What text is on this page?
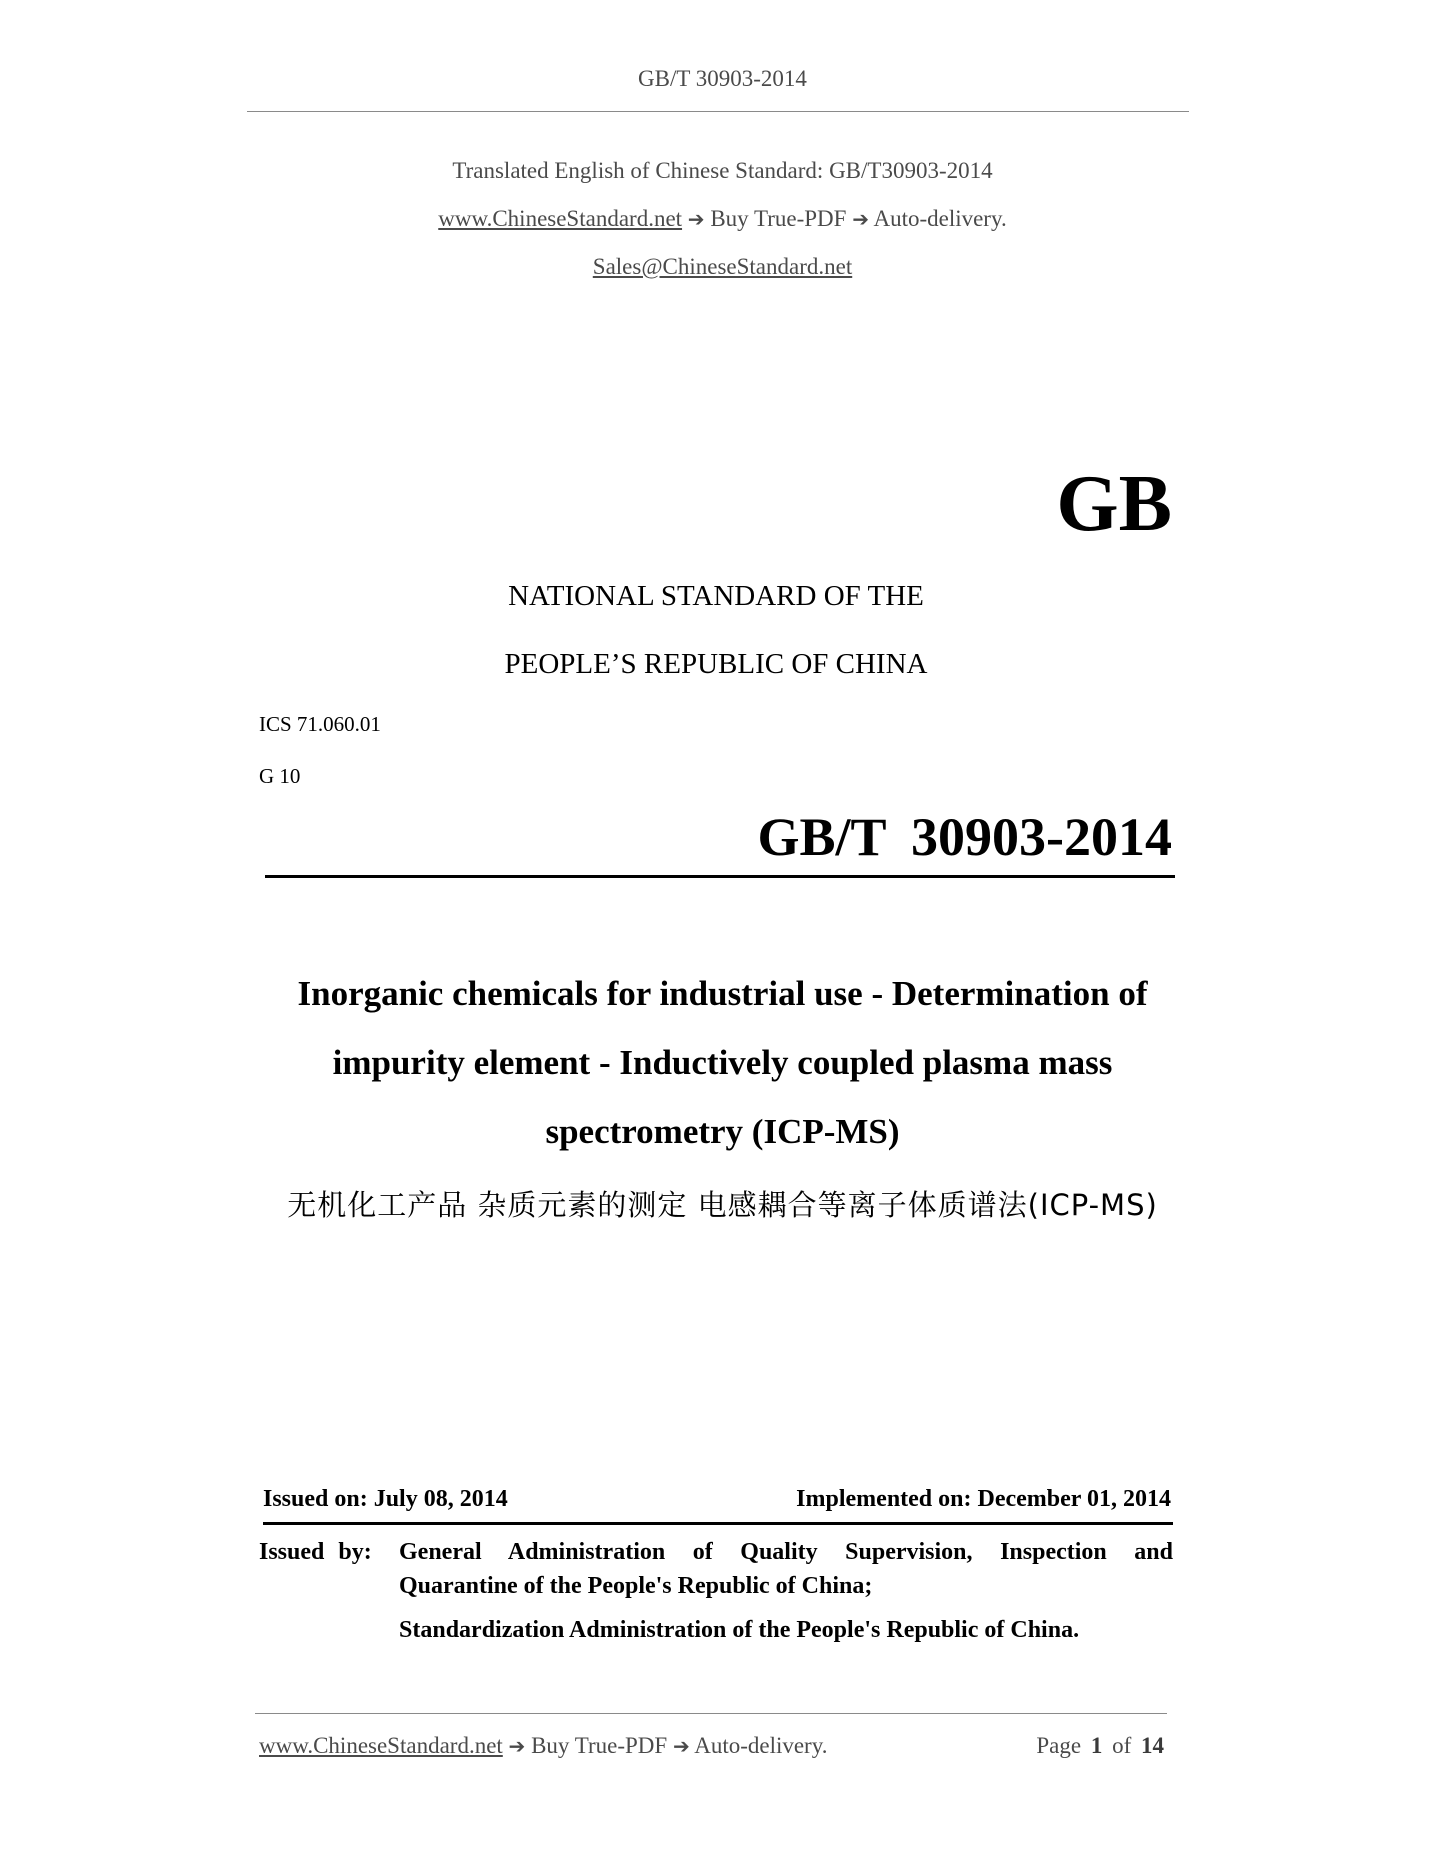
GB/T 30903-2014
Translated English of Chinese Standard: GB/T30903-2014
www.ChineseStandard.net ➔ Buy True-PDF ➔ Auto-delivery.
Sales@ChineseStandard.net
GB
NATIONAL STANDARD OF THE
PEOPLE’S REPUBLIC OF CHINA
ICS 71.060.01
G 10
GB/T 30903-2014
Inorganic chemicals for industrial use - Determination of
impurity element - Inductively coupled plasma mass
spectrometry (ICP-MS)
无机化工产品 杂质元素的测定 电感耦合等离子体质谱法(ICP-MS)
Issued on: July 08, 2014	Implemented on: December 01, 2014
Issued by: General Administration of Quality Supervision, Inspection and
Quarantine of the People's Republic of China;
Standardization Administration of the People's Republic of China.
www.ChineseStandard.net ➔ Buy True-PDF ➔ Auto-delivery.	Page 1 of 14
